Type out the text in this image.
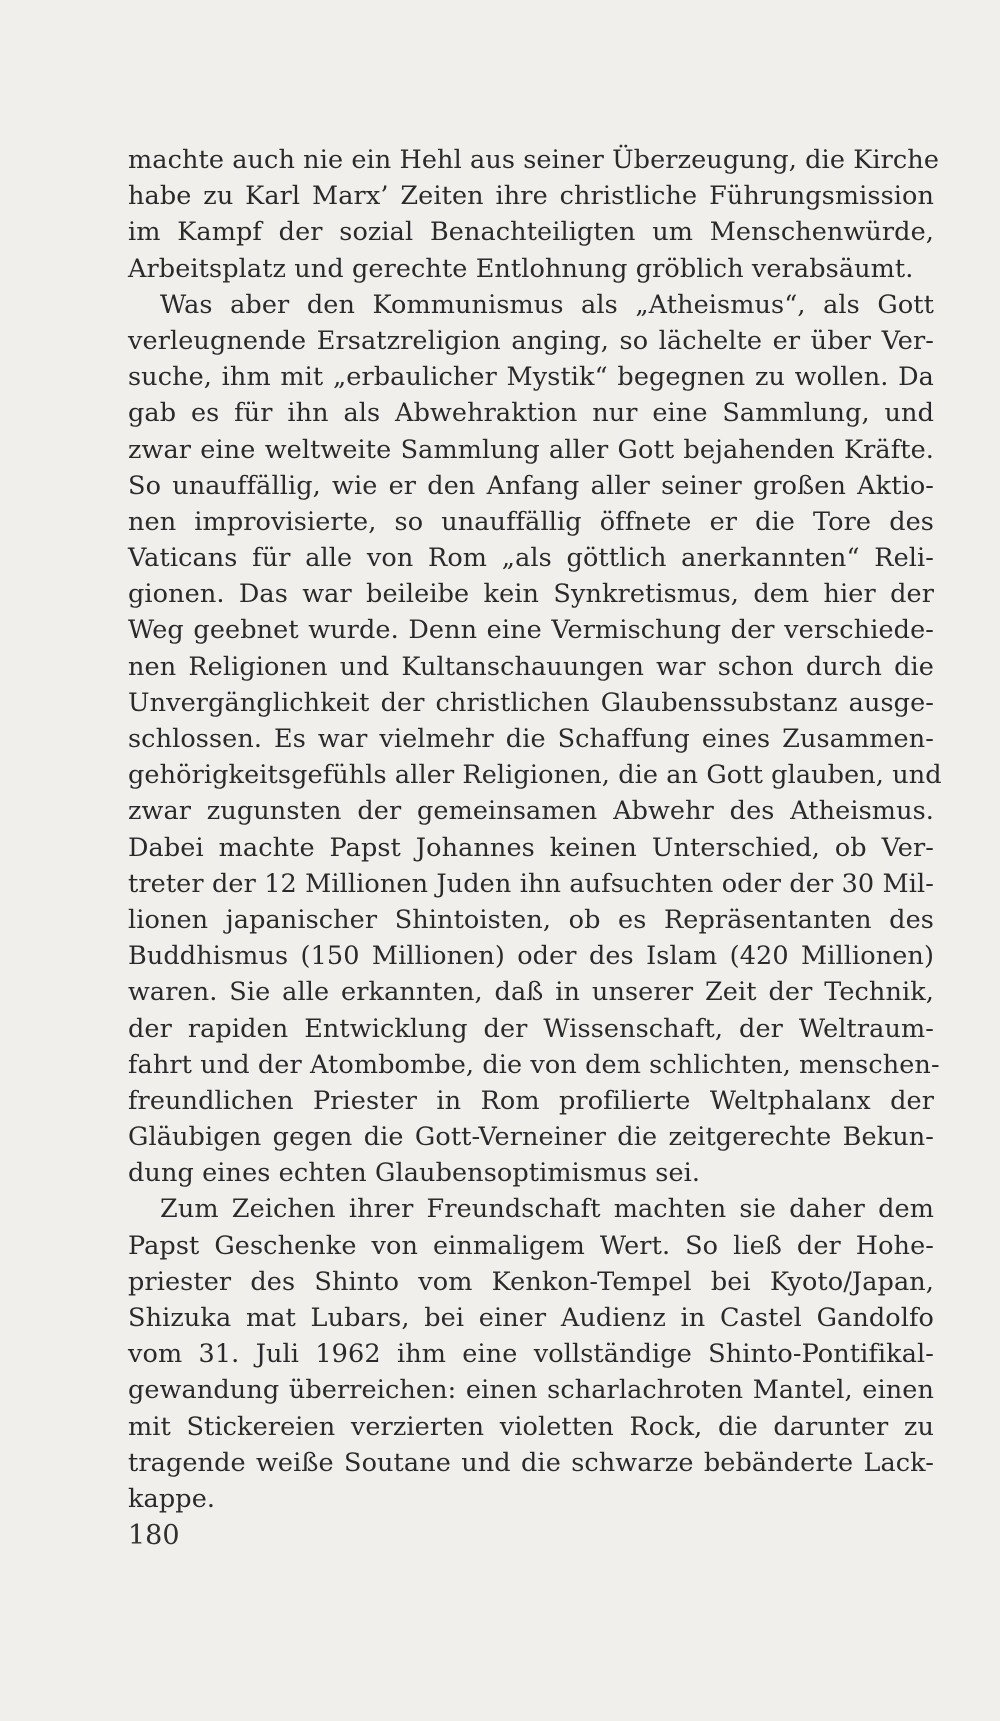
machte auch nie ein Hehl aus seiner Überzeugung, die Kirche
habe zu Karl Marx’ Zeiten ihre christliche Führungsmission
im Kampf der sozial Benachteiligten um Menschenwürde,
Arbeitsplatz und gerechte Entlohnung gröblich verabsäumt.
Was aber den Kommunismus als „Atheismus“, als Gott
verleugnende Ersatzreligion anging, so lächelte er über Ver-
suche, ihm mit „erbaulicher Mystik“ begegnen zu wollen. Da
gab es für ihn als Abwehraktion nur eine Sammlung, und
zwar eine weltweite Sammlung aller Gott bejahenden Kräfte.
So unauffällig, wie er den Anfang aller seiner großen Aktio-
nen improvisierte, so unauffällig öffnete er die Tore des
Vaticans für alle von Rom „als göttlich anerkannten“ Reli-
gionen. Das war beileibe kein Synkretismus, dem hier der
Weg geebnet wurde. Denn eine Vermischung der verschiede-
nen Religionen und Kultanschauungen war schon durch die
Unvergänglichkeit der christlichen Glaubenssubstanz ausge-
schlossen. Es war vielmehr die Schaffung eines Zusammen-
gehörigkeitsgefühls aller Religionen, die an Gott glauben, und
zwar zugunsten der gemeinsamen Abwehr des Atheismus.
Dabei machte Papst Johannes keinen Unterschied, ob Ver-
treter der 12 Millionen Juden ihn aufsuchten oder der 30 Mil-
lionen japanischer Shintoisten, ob es Repräsentanten des
Buddhismus (150 Millionen) oder des Islam (420 Millionen)
waren. Sie alle erkannten, daß in unserer Zeit der Technik,
der rapiden Entwicklung der Wissenschaft, der Weltraum-
fahrt und der Atombombe, die von dem schlichten, menschen-
freundlichen Priester in Rom profilierte Weltphalanx der
Gläubigen gegen die Gott-Verneiner die zeitgerechte Bekun-
dung eines echten Glaubensoptimismus sei.
Zum Zeichen ihrer Freundschaft machten sie daher dem
Papst Geschenke von einmaligem Wert. So ließ der Hohe-
priester des Shinto vom Kenkon-Tempel bei Kyoto/Japan,
Shizuka mat Lubars, bei einer Audienz in Castel Gandolfo
vom 31. Juli 1962 ihm eine vollständige Shinto-Pontifikal-
gewandung überreichen: einen scharlachroten Mantel, einen
mit Stickereien verzierten violetten Rock, die darunter zu
tragende weiße Soutane und die schwarze bebänderte Lack-
kappe.
180
